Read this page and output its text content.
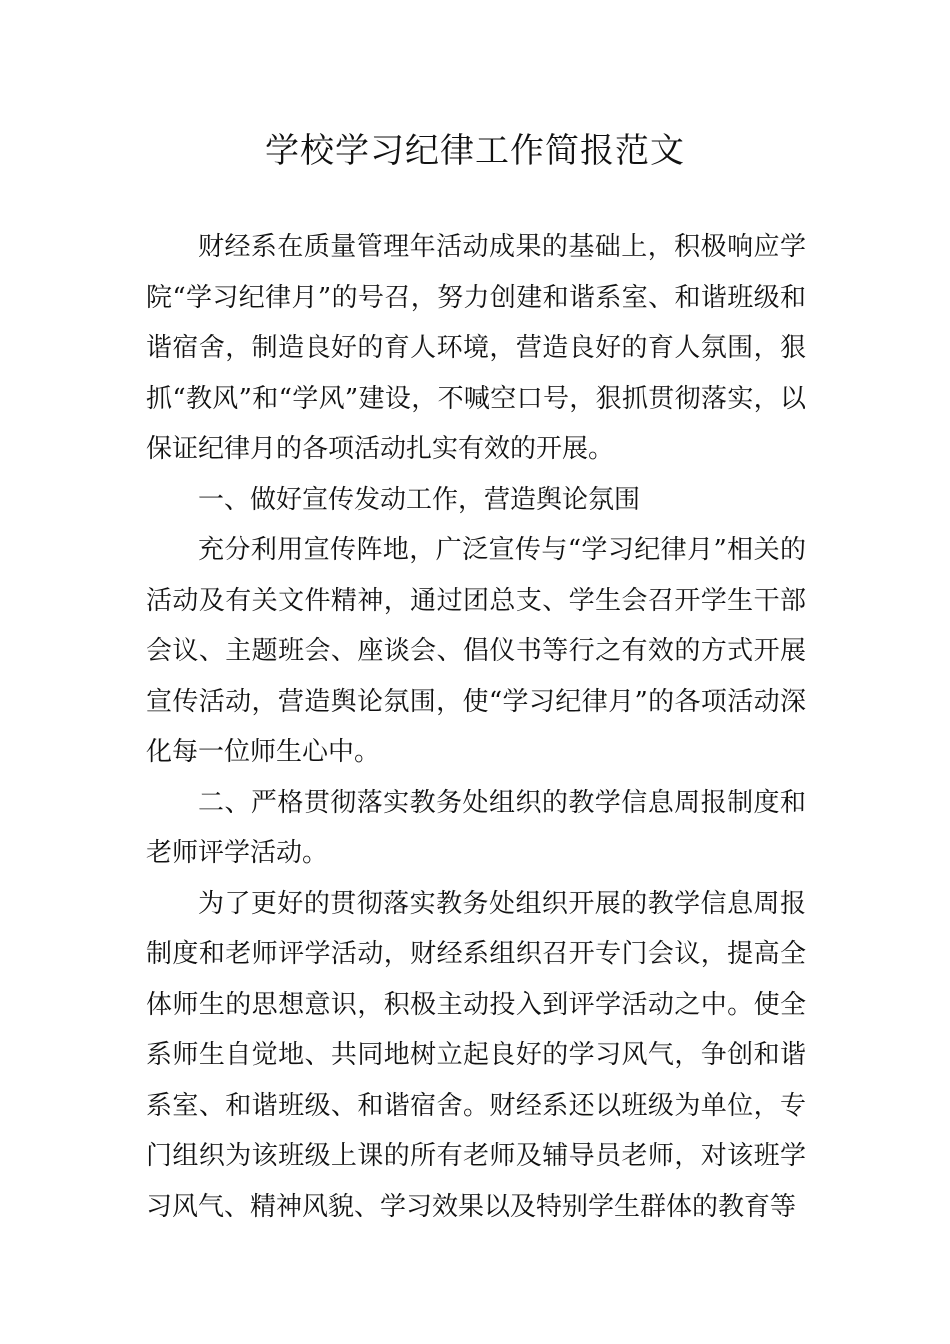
学校学习纪律工作简报范文

财经系在质量管理年活动成果的基础上，积极响应学院“学习纪律月”的号召，努力创建和谐系室、和谐班级和谐宿舍，制造良好的育人环境，营造良好的育人氛围，狠抓“教风”和“学风”建设，不喊空口号，狠抓贯彻落实，以保证纪律月的各项活动扎实有效的开展。

一、做好宣传发动工作，营造舆论氛围

充分利用宣传阵地，广泛宣传与“学习纪律月”相关的活动及有关文件精神，通过团总支、学生会召开学生干部会议、主题班会、座谈会、倡仪书等行之有效的方式开展宣传活动，营造舆论氛围，使“学习纪律月”的各项活动深化每一位师生心中。

二、严格贯彻落实教务处组织的教学信息周报制度和老师评学活动。

为了更好的贯彻落实教务处组织开展的教学信息周报制度和老师评学活动，财经系组织召开专门会议，提高全体师生的思想意识，积极主动投入到评学活动之中。使全系师生自觉地、共同地树立起良好的学习风气，争创和谐系室、和谐班级、和谐宿舍。财经系还以班级为单位，专门组织为该班级上课的所有老师及辅导员老师，对该班学习风气、精神风貌、学习效果以及特别学生群体的教育等
